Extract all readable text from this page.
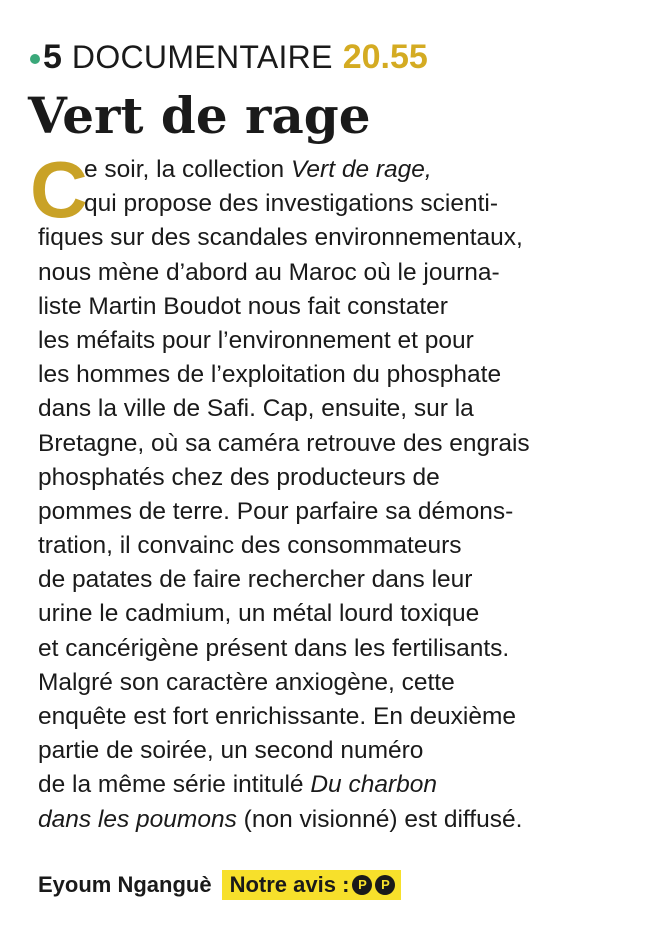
5 DOCUMENTAIRE 20.55
Vert de rage
C
e soir, la collection Vert de rage,
qui propose des investigations scienti-
fiques sur des scandales environnementaux,
nous mène d’abord au Maroc où le journa-
liste Martin Boudot nous fait constater
les méfaits pour l’environnement et pour
les hommes de l’exploitation du phosphate
dans la ville de Safi. Cap, ensuite, sur la
Bretagne, où sa caméra retrouve des engrais
phosphatés chez des producteurs de
pommes de terre. Pour parfaire sa démons-
tration, il convainc des consommateurs
de patates de faire rechercher dans leur
urine le cadmium, un métal lourd toxique
et cancérigène présent dans les fertilisants.
Malgré son caractère anxiogène, cette
enquête est fort enrichissante. En deuxième
partie de soirée, un second numéro
de la même série intitulé Du charbon
dans les poumons (non visionné) est diffusé.
Eyoum Nganguè Notre avis : P	P
